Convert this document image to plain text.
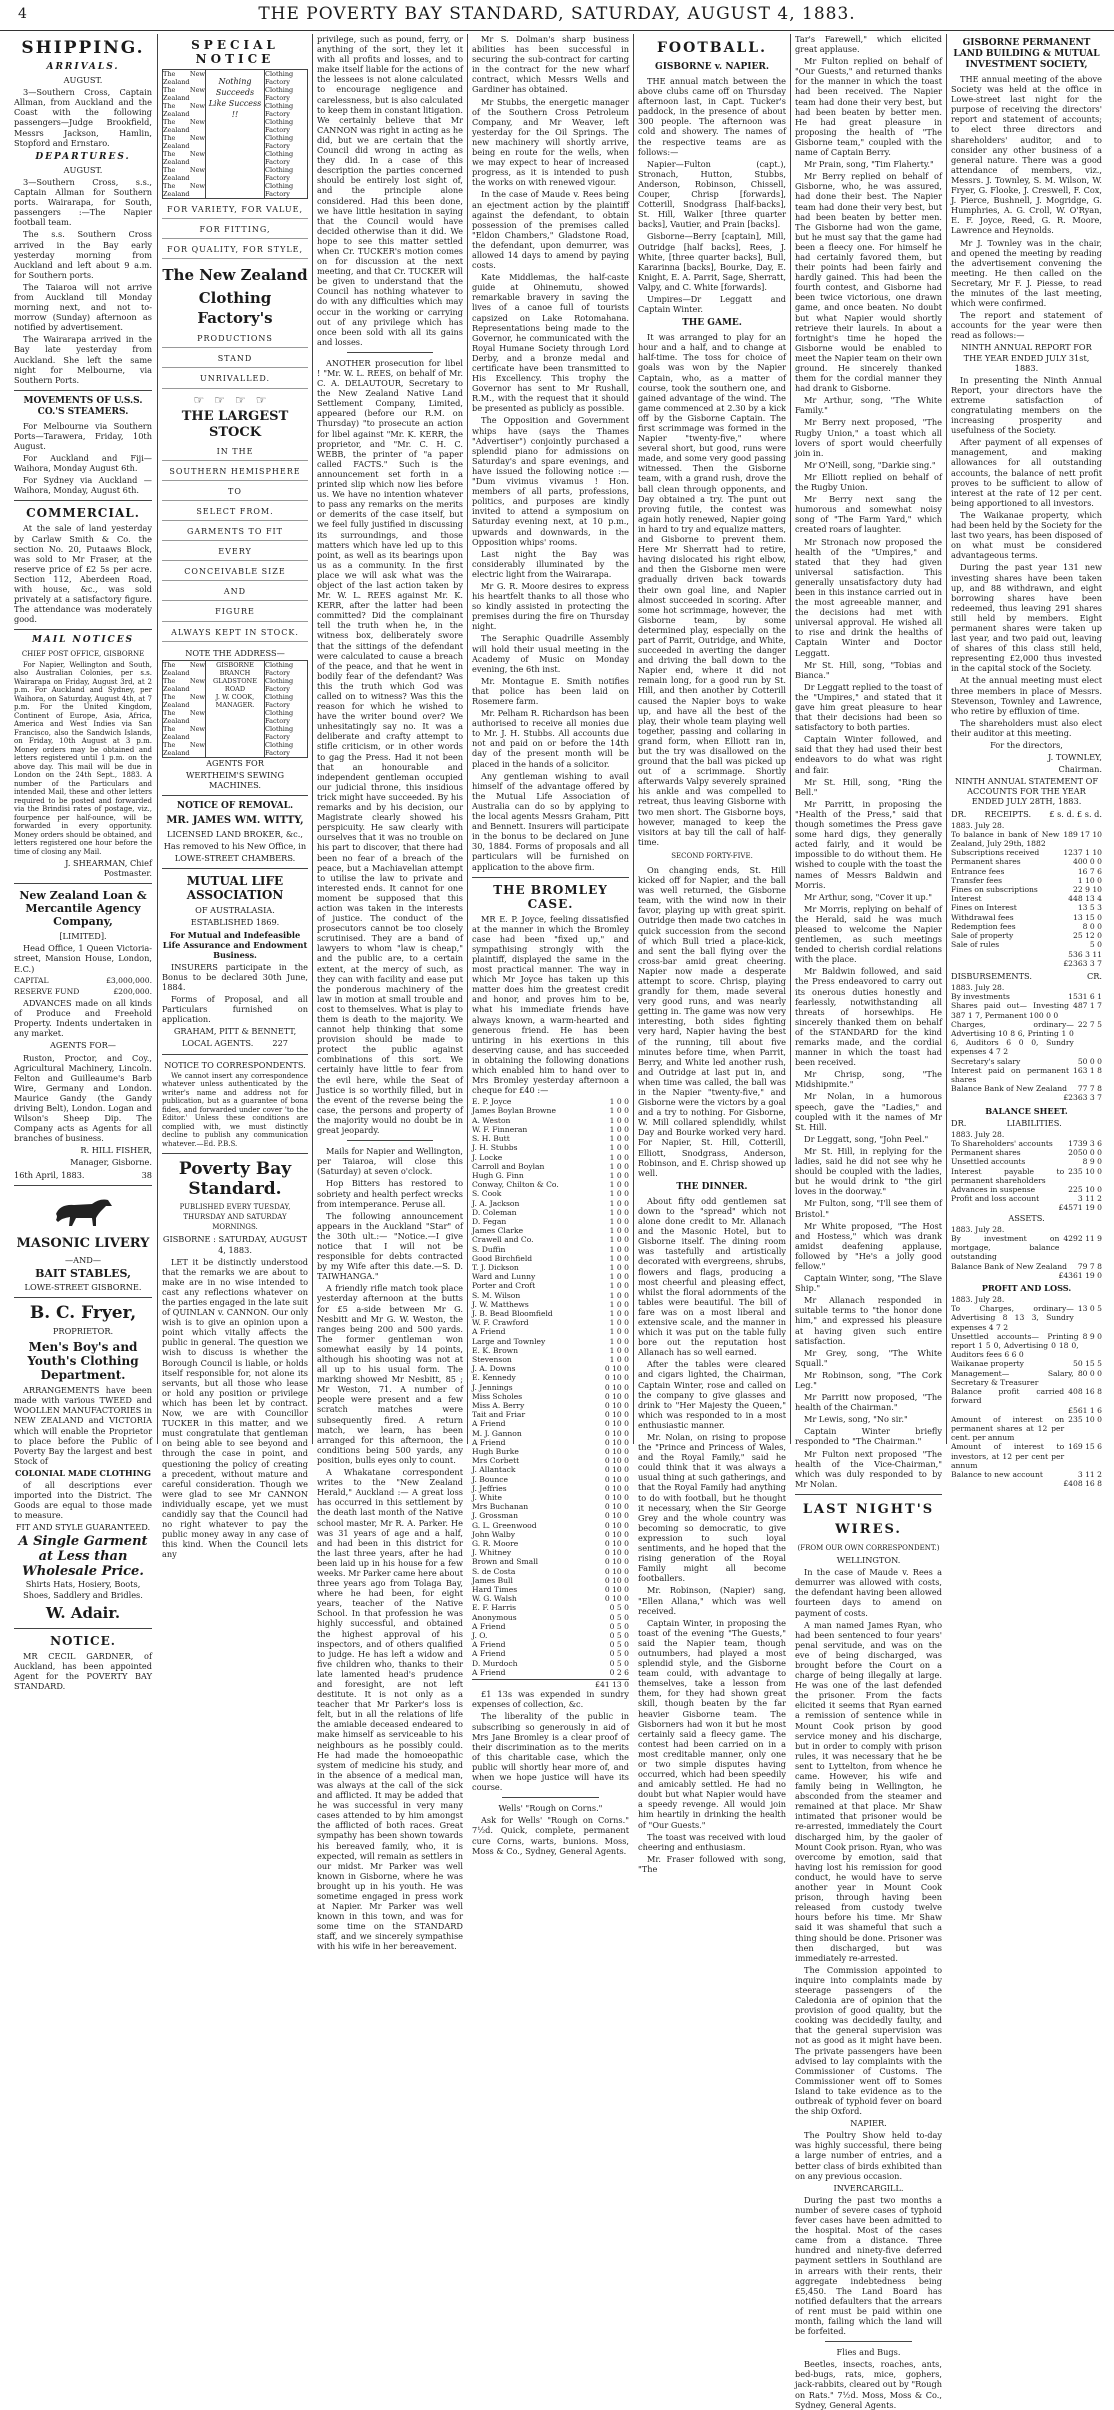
4	THE POVERTY BAY STANDARD, SATURDAY, AUGUST 4, 1883.
SHIPPING.
ARRIVALS.

AUGUST.

3—Southern Cross, Captain Allman, from Auckland and the Coast with the following passengers—Judge Brookfield, Messrs Jackson, Hamlin, Stopford and Ernstaro.

DEPARTURES.

AUGUST.

3—Southern Cross, s.s., Captain Allman for Southern ports. Wairarapa, for South, passengers :—The Napier football team.

The s.s. Southern Cross arrived in the Bay early yesterday morning from Auckland and left about 9 a.m. for Southern ports.

The Taiaroa will not arrive from Auckland till Monday morning next, and not to-morrow (Sunday) afternoon as notified by advertisement.

The Wairarapa arrived in the Bay late yesterday from Auckland. She left the same night for Melbourne, via Southern Ports.

MOVEMENTS OF U.S.S. CO.'S STEAMERS.

For Melbourne via Southern Ports—Tarawera, Friday, 10th August.

For Auckland and Fiji—Waihora, Monday August 6th.

For Sydney via Auckland — Waihora, Monday, August 6th.

COMMERCIAL.

At the sale of land yesterday by Carlaw Smith & Co. the section No. 20, Putaaws Block, was sold to Mr Fraser, at the reserve price of £2 5s per acre. Section 112, Aberdeen Road, with house, &c., was sold privately at a satisfactory figure. The attendance was moderately good.

MAIL NOTICES

CHIEF POST OFFICE, GISBORNE

For Napier, Wellington and South, also Australian Colonies, per s.s. Wairarapa on Friday, August 3rd, at 2 p.m. For Auckland and Sydney, per Waihora, on Saturday, August 4th, at 7 p.m. For the United Kingdom, Continent of Europe, Asia, Africa, America and West Indies via San Francisco, also the Sandwich Islands, on Friday, 10th August at 3 p.m. Money orders may be obtained and letters registered until 1 p.m. on the above day. This mail will be due in London on the 24th Sept., 1883. A number of the Particulars and intended Mail, these and other letters required to be posted and forwarded via the Brindisi rates of postage, viz., fourpence per half-ounce, will be forwarded in every opportunity. Money orders should be obtained, and letters registered one hour before the time of closing any Mail.

J. SHEARMAN, Chief Postmaster.

New Zealand Loan & Mercantile Agency Company,

[LIMITED].

Head Office, 1 Queen Victoria-street, Mansion House, London, E.C.)

CAPITAL	£3,000,000.

RESERVE FUND	£200,000.

ADVANCES made on all kinds of Produce and Freehold Property. Indents undertaken in any market.

AGENTS FOR—

Ruston, Proctor, and Coy., Agricultural Machinery, Lincoln. Felton and Guilleaume's Barb Wire, Germany and London. Maurice Gandy (the Gandy driving Belt), London. Logan and Wilson's Sheep Dip. The Company acts as Agents for all branches of business.

R. HILL FISHER,

Manager, Gisborne.

16th April, 1883.	38

MASONIC LIVERY

—AND—

BAIT STABLES,

LOWE-STREET GISBORNE.

B. C. Fryer,

PROPRIETOR.

Men's Boy's and Youth's Clothing Department.

ARRANGEMENTS have been made with various TWEED and WOOLLEN MANUFACTORIES in NEW ZEALAND and VICTORIA which will enable the Proprietor to place before the Public of Poverty Bay the largest and best Stock of

COLONIAL MADE CLOTHING

of all descriptions ever imported into the District. The Goods are equal to those made to measure.

FIT AND STYLE GUARANTEED.

A Single Garment at Less than Wholesale Price.

Shirts Hats, Hosiery, Boots, Shoes, Saddlery and Bridles.

W. Adair.
NOTICE.

MR CECIL GARDNER, of Auckland, has been appointed Agent for the POVERTY BAY STANDARD.

SPECIAL NOTICE
The New Zealand
The New Zealand
The New Zealand
The New Zealand
The New Zealand
The New Zealand
The New Zealand
The New Zealand
Nothing Succeeds Like Success !!
Clothing Factory
Clothing Factory
Clothing Factory
Clothing Factory
Clothing Factory
Clothing Factory
Clothing Factory
Clothing Factory
FOR VARIETY, FOR VALUE,
FOR FITTING,
FOR QUALITY, FOR STYLE,
The New Zealand
Clothing Factory's
PRODUCTIONS
STAND
UNRIVALLED.
☞☞☞☞
THE LARGEST STOCK
IN THE
SOUTHERN HEMISPHERE
TO
SELECT FROM.
GARMENTS TO FIT
EVERY
CONCEIVABLE SIZE
AND
FIGURE
ALWAYS KEPT IN STOCK.

NOTE THE ADDRESS—

The New Zealand
The New Zealand
The New Zealand
The New Zealand
The New Zealand
The New Zealand
GISBORNE
BRANCH
GLADSTONE
ROAD
J. W. COOK,
MANAGER.
Clothing Factory
Clothing Factory
Clothing Factory
Clothing Factory
Clothing Factory
Clothing Factory

AGENTS FOR

WERTHEIM'S SEWING MACHINES.

NOTICE OF REMOVAL.
MR. JAMES WM. WITTY,

LICENSED LAND BROKER, &c.,

Has removed to his New Office, in

LOWE-STREET CHAMBERS.

MUTUAL LIFE ASSOCIATION

OF AUSTRALASIA.

ESTABLISHED 1869.

For Mutual and Indefeasible Life Assurance and Endowment Business.

INSURERS participate in the Bonus to be declared 30th June, 1884.

Forms of Proposal, and all Particulars furnished on application.

GRAHAM, PITT & BENNETT,

LOCAL AGENTS. 227

NOTICE TO CORRESPONDENTS.

We cannot insert any correspondence whatever unless authenticated by the writer's name and address not for publication, but as a guarantee of bona fides, and forwarded under cover 'to the Editor.' Unless these conditions are complied with, we must distinctly decline to publish any communication whatever.—Ed. P.B.S.

Poverty Bay Standard.

PUBLISHED EVERY TUESDAY, THURSDAY AND SATURDAY MORNINGS.

GISBORNE : SATURDAY, AUGUST 4, 1883.

LET it be distinctly understood that the remarks we are about to make are in no wise intended to cast any reflections whatever on the parties engaged in the late suit of QUINLAN v. CANNON. Our only wish is to give an opinion upon a point which vitally affects the public in general. The question we wish to discuss is whether the Borough Council is liable, or holds itself responsible for, not alone its servants, but all those who lease or hold any position or privilege which has been let by contract. Now, we are with Councillor TUCKER in this matter, and we must congratulate that gentleman on being able to see beyond and through the case in point, and questioning the policy of creating a precedent, without mature and careful consideration. Though we were glad to see Mr CANNON individually escape, yet we must candidly say that the Council had no right whatever to pay the public money away in any case of this kind. When the Council lets any

privilege, such as pound, ferry, or anything of the sort, they let it with all profits and losses, and to make itself liable for the actions of the lessees is not alone calculated to encourage negligence and carelessness, but is also calculated to keep them in constant litigation. We certainly believe that Mr CANNON was right in acting as he did, but we are certain that the Council did wrong in acting as they did. In a case of this description the parties concerned should be entirely lost sight of, and the principle alone considered. Had this been done, we have little hesitation in saying that the Council would have decided otherwise than it did. We hope to see this matter settled when Cr. TUCKER's motion comes on for discussion at the next meeting, and that Cr. TUCKER will be given to understand that the Council has nothing whatever to do with any difficulties which may occur in the working or carrying out of any privilege which has once been sold with all its gains and losses.

ANOTHER prosecution for libel ! "Mr. W. L. REES, on behalf of Mr. C. A. DELAUTOUR, Secretary to the New Zealand Native Land Settlement Company, Limited, appeared (before our R.M. on Thursday) "to prosecute an action for libel against "Mr. K. KERR, the proprietor, and "Mr. C. H. C. WEBB, the printer of "a paper called FACTS." Such is the announcement set forth in a printed slip which now lies before us. We have no intention whatever to pass any remarks on the merits or demerits of the case itself, but we feel fully justified in discussing its surroundings, and those matters which have led up to this point, as well as its bearings upon us as a community. In the first place we will ask what was the object of the last action taken by Mr. W. L. REES against Mr. K. KERR, after the latter had been committed? Did the complainant tell the truth when he, in the witness box, deliberately swore that the sittings of the defendant were calculated to cause a breach of the peace, and that he went in bodily fear of the defendant? Was this the truth which God was called on to witness? Was this the reason for which he wished to have the writer bound over? We unhesitatingly say no. It was a deliberate and crafty attempt to stifle criticism, or in other words to gag the Press. Had it not been that an honourable and independent gentleman occupied our judicial throne, this insidious trick might have succeeded. By his remarks and by his decision, our Magistrate clearly showed his perspicuity. He saw clearly with ourselves that it was no trouble on his part to discover, that there had been no fear of a breach of the peace, but a Machiavelian attempt to utilise the law to private and interested ends. It cannot for one moment be supposed that this action was taken in the interests of justice. The conduct of the prosecutors cannot be too closely scrutinised. They are a band of lawyers to whom "law is cheap," and the public are, to a certain extent, at the mercy of such, as they can with facility and ease put the ponderous machinery of the law in motion at small trouble and cost to themselves. What is play to them is death to the majority. We cannot help thinking that some provision should be made to protect the public against combinations of this sort. We certainly have little to fear from the evil here, while the Seat of Justice is so worthily filled, but in the event of the reverse being the case, the persons and property of the majority would no doubt be in great jeopardy.

Mails for Napier and Wellington, per Taiaroa, will close this (Saturday) at seven o'clock.

Hop Bitters has restored to sobriety and health perfect wrecks from intemperance. Peruse all.

The following announcement appears in the Auckland "Star" of the 30th ult.:— "Notice.—I give notice that I will not be responsible for debts contracted by my Wife after this date.—S. D. TAIWHANGA."

A friendly rifle match took place yesterday afternoon at the butts for £5 a-side between Mr G. Nesbitt and Mr G. W. Weston, the ranges being 200 and 500 yards. The former gentleman won somewhat easily by 14 points, although his shooting was not at all up to his usual form. The marking showed Mr Nesbitt, 85 ; Mr Weston, 71. A number of people were present and a few scratch matches were subsequently fired. A return match, we learn, has been arranged for this afternoon, the conditions being 500 yards, any position, bulls eyes only to count.

A Whakatane correspondent writes to the "New Zealand Herald," Auckland :— A great loss has occurred in this settlement by the death last month of the Native school master, Mr R. A. Parker. He was 31 years of age and a half, and had been in this district for the last three years, after he had been laid up in his house for a few weeks. Mr Parker came here about three years ago from Tolaga Bay, where he had been, for eight years, teacher of the Native School. In that profession he was highly successful, and obtained the highest approval of his inspectors, and of others qualified to judge. He has left a widow and five children who, thanks to their late lamented head's prudence and foresight, are not left destitute. It is not only as a teacher that Mr Parker's loss is felt, but in all the relations of life the amiable deceased endeared to make himself as serviceable to his neighbours as he possibly could. He had made the homoeopathic system of medicine his study, and in the absence of a medical man, was always at the call of the sick and afflicted. It may be added that he was successful in very many cases attended to by him amongst the afflicted of both races. Great sympathy has been shown towards his bereaved family, who, it is expected, will remain as settlers in our midst. Mr Parker was well known in Gisborne, where he was brought up in his youth. He was sometime engaged in press work at Napier. Mr Parker was well known in this town, and was for some time on the STANDARD staff, and we sincerely sympathise with his wife in her bereavement.

Mr S. Dolman's sharp business abilities has been successful in securing the sub-contract for carting in the contract for the new wharf contract, which Messrs Wells and Gardiner has obtained.

Mr Stubbs, the energetic manager of the Southern Cross Petroleum Company, and Mr Weaver, left yesterday for the Oil Springs. The new machinery will shortly arrive, being en route for the wells, when we may expect to hear of increased progress, as it is intended to push the works on with renewed vigour.

In the case of Maude v. Rees being an ejectment action by the plaintiff against the defendant, to obtain possession of the premises called "Eldon Chambers," Gladstone Road, the defendant, upon demurrer, was allowed 14 days to amend by paying costs.

Kate Middlemas, the half-caste guide at Ohinemutu, showed remarkable bravery in saving the lives of a canoe full of tourists capsized on Lake Rotomahana. Representations being made to the Governor, he communicated with the Royal Humane Society through Lord Derby, and a bronze medal and certificate have been transmitted to His Excellency. This trophy the Governor has sent to Mr Rushall, R.M., with the request that it should be presented as publicly as possible.

The Opposition and Government whips have (says the Thames "Advertiser") conjointly purchased a splendid piano for admissions on Saturday's and spare evenings, and have issued the following notice :— "Dum vivimus vivamus ! Hon. members of all parts, professions, politics, and purposes are kindly invited to attend a symposium on Saturday evening next, at 10 p.m., upwards and downwards, in the Opposition whips' rooms.

Last night the Bay was considerably illuminated by the electric light from the Wairarapa.

Mr G. R. Moore desires to express his heartfelt thanks to all those who so kindly assisted in protecting the premises during the fire on Thursday night.

The Seraphic Quadrille Assembly will hold their usual meeting in the Academy of Music on Monday evening, the 6th inst.

Mr. Montague E. Smith notifies that police has been laid on Rosemere farm.

Mr. Pelham R. Richardson has been authorised to receive all monies due to Mr. J. H. Stubbs. All accounts due not and paid on or before the 14th day of the present month will be placed in the hands of a solicitor.

Any gentleman wishing to avail himself of the advantage offered by the Mutual Life Association of Australia can do so by applying to the local agents Messrs Graham, Pitt and Bennett. Insurers will participate in the bonus to be declared on June 30, 1884. Forms of proposals and all particulars will be furnished on application to the above firm.

THE BROMLEY CASE.

MR E. P. Joyce, feeling dissatisfied at the manner in which the Bromley case had been "fixed up," and sympathising strongly with the plaintiff, displayed the same in the most practical manner. The way in which Mr Joyce has taken up this matter does him the greatest credit and honor, and proves him to be, what his immediate friends have always known, a warm-hearted and generous friend. He has been untiring in his exertions in this deserving cause, and has succeeded in obtaining the following donations which enabled him to hand over to Mrs Bromley yesterday afternoon a cheque for £40 :—

E. P. Joyce	1 0 0
James Boylan Browne	1 0 0
A. Weston	1 0 0
W. F. Finneran	1 0 0
S. H. Butt	1 0 0
J. H. Stubbs	1 0 0
J. Locke	1 0 0
Carroll and Boylan	1 0 0
Hugh G. Finn	1 0 0
Conway, Chilton & Co.	1 0 0
S. Cook	1 0 0
J. A. Jackson	1 0 0
D. Coleman	1 0 0
D. Fegan	1 0 0
James Clarke	1 0 0
Crawell and Co.	1 0 0
S. Duffin	1 0 0
Good Birchfield	1 0 0
T. J. Dickson	1 0 0
Ward and Lunny	1 0 0
Porter and Croft	1 0 0
S. M. Wilson	1 0 0
J. W. Matthews	1 0 0
J. B. Bead Bloomfield	1 0 0
W. F. Crawford	1 0 0
A Friend	1 0 0
Large and Townley	1 0 0
E. K. Brown	1 0 0
Stevenson	1 0 0
J. A. Downs	0 10 0
E. Kennedy	0 10 0
J. Jennings	0 10 0
Miss Scholes	0 10 0
Miss A. Berry	0 10 0
Tait and Friar	0 10 0
A Friend	0 10 0
M. J. Gannon	0 10 0
A Friend	0 10 0
Hugh Burke	0 10 0
Mrs Corbett	0 10 0
J. Allantack	0 10 0
J. Bounce	0 10 0
J. Jeffries	0 10 0
J. White	0 10 0
Mrs Buchanan	0 10 0
J. Grossman	0 10 0
G. L. Greenwood	0 10 0
John Walby	0 10 0
G. R. Moore	0 10 0
J. Whitney	0 10 0
Brown and Small	0 10 0
S. de Costa	0 10 0
James Bull	0 10 0
Hard Times	0 10 0
W. G. Walsh	0 10 0
E. F. Harris	0 5 0
Anonymous	0 5 0
A Friend	0 5 0
J. O.	0 5 0
A Friend	0 5 0
A Friend	0 5 0
D. Murdoch	0 5 0
A Friend	0 2 6
£41 13 0

£1 13s was expended in sundry expenses of collection, &c.

The liberality of the public in subscribing so generously in aid of Mrs Jane Bromley is a clear proof of their discrimination as to the merits of this charitable case, which the public will shortly hear more of, and when we hope justice will have its course.

Wells' "Rough on Corns."

Ask for Wells' "Rough on Corns." 7½d. Quick, complete, permanent cure Corns, warts, bunions. Moss, Moss & Co., Sydney, General Agents.

FOOTBALL.
GISBORNE v. NAPIER.

THE annual match between the above clubs came off on Thursday afternoon last, in Capt. Tucker's paddock, in the presence of about 300 people. The afternoon was cold and showery. The names of the respective teams are as follows:—

Napier—Fulton (capt.), Stronach, Hutton, Stubbs, Anderson, Robinson, Chissell, Couper, Chrisp [forwards], Cotterill, Snodgrass [half-backs], St. Hill, Walker [three quarter backs], Vautier, and Prain [backs].

Gisborne—Berry [captain], Mill, Outridge [half backs], Rees, J. White, [three quarter backs], Bull, Kararinna [backs], Bourke, Day, E. Knight, E. A. Parrit, Sage, Sherratt, Valpy, and C. White [forwards].

Umpires—Dr Leggatt and Captain Winter.

THE GAME.

It was arranged to play for an hour and a half, and to change at half-time. The toss for choice of goals was won by the Napier Captain, who, as a matter of course, took the southern one, and gained advantage of the wind. The game commenced at 2.30 by a kick off by the Gisborne Captain. The first scrimmage was formed in the Napier "twenty-five," where several short, but good, runs were made, and some very good passing witnessed. Then the Gisborne team, with a grand rush, drove the ball clean through opponents, and Day obtained a try. The punt out proving futile, the contest was again hotly renewed, Napier going in hard to try and equalize matters, and Gisborne to prevent them. Here Mr Sherratt had to retire, having dislocated his right elbow, and then the Gisborne men were gradually driven back towards their own goal line, and Napier almost succeeded in scoring. After some hot scrimmage, however, the Gisborne team, by some determined play, especially on the part of Parrit, Outridge, and White, succeeded in averting the danger and driving the ball down to the Napier end, where it did not remain long, for a good run by St. Hill, and then another by Cotterill caused the Napier boys to wake up, and have all the best of the play, their whole team playing well together, passing and collaring in grand form, when Elliott ran in, but the try was disallowed on the ground that the ball was picked up out of a scrimmage. Shortly afterwards Valpy severely sprained his ankle and was compelled to retreat, thus leaving Gisborne with two men short. The Gisborne boys, however, managed to keep the visitors at bay till the call of half-time.

SECOND FORTY-FIVE.

On changing ends, St. Hill kicked off for Napier, and the ball was well returned, the Gisborne team, with the wind now in their favor, playing up with great spirit. Outridge then made two catches in quick succession from the second of which Bull tried a place-kick, and sent the ball flying over the cross-bar amid great cheering. Napier now made a desperate attempt to score. Chrisp, playing grandly for them, made several very good runs, and was nearly getting in. The game was now very interesting, both sides fighting very hard, Napier having the best of the running, till about five minutes before time, when Parrit, Berry, and White led another rush, and Outridge at last put in, and when time was called, the ball was in the Napier "twenty-five," and Gisborne were the victors by a goal and a try to nothing. For Gisborne, W. Mill collared splendidly, whilst Day and Bourke worked very hard. For Napier, St. Hill, Cotterill, Elliott, Snodgrass, Anderson, Robinson, and E. Chrisp showed up well.

THE DINNER.

About fifty odd gentlemen sat down to the "spread" which not alone done credit to Mr. Allanach and the Masonic Hotel, but to Gisborne itself. The dining room was tastefully and artistically decorated with evergreens, shrubs, flowers and flags, producing a most cheerful and pleasing effect, whilst the floral adornments of the tables were beautiful. The bill of fare was on a most liberal and extensive scale, and the manner in which it was put on the table fully bore out the reputation host Allanach has so well earned.

After the tables were cleared and cigars lighted, the Chairman, Captain Winter, rose and called on the company to give glasses and drink to "Her Majesty the Queen," which was responded to in a most enthusiastic manner.

Mr. Nolan, on rising to propose the "Prince and Princess of Wales, and the Royal Family," said he could think that it was always a usual thing at such gatherings, and that the Royal Family had anything to do with football, but he thought it necessary, when the Sir George Grey and the whole country was becoming so democratic, to give expression to such loyal sentiments, and he hoped that the rising generation of the Royal Family might all become footballers.

Mr. Robinson, (Napier) sang, "Ellen Allana," which was well received.

Captain Winter, in proposing the toast of the evening "The Guests," said the Napier team, though outnumbers, had played a most splendid style, and the Gisborne team could, with advantage to themselves, take a lesson from them, for they had shown great skill, though beaten by the far heavier Gisborne team. The Gisborners had won it but he most certainly said a fleecy game. The contest had been carried on in a most creditable manner, only one or two simple disputes having occurred, which had been speedily and amicably settled. He had no doubt but what Napier would have a speedy revenge. All would join him heartily in drinking the health of "Our Guests."

The toast was received with loud cheering and enthusiasm.

Mr. Fraser followed with song, "The

Tar's Farewell," which elicited great applause.

Mr Fulton replied on behalf of "Our Guests," and returned thanks for the manner in which the toast had been received. The Napier team had done their very best, but had been beaten by better men. He had great pleasure in proposing the health of "The Gisborne team," coupled with the name of Captain Berry.

Mr Prain, song, "Tim Flaherty."

Mr Berry replied on behalf of Gisborne, who, he was assured, had done their best. The Napier team had done their very best, but had been beaten by better men. The Gisborne had won the game, but he must say that the game had been a fleecy one. For himself he had certainly favored them, but their points had been fairly and hardly gained. This had been the fourth contest, and Gisborne had been twice victorious, one drawn game, and once beaten. No doubt but what Napier would shortly retrieve their laurels. In about a fortnight's time he hoped the Gisborne would be enabled to meet the Napier team on their own ground. He sincerely thanked them for the cordial manner they had drank to Gisborne.

Mr Arthur, song, "The White Family."

Mr Berry next proposed, "The Rugby Union," a toast which all lovers of sport would cheerfully join in.

Mr O'Neill, song, "Darkie sing."

Mr Elliott replied on behalf of the Rugby Union.

Mr Berry next sang the humorous and somewhat noisy song of "The Farm Yard," which created roars of laughter.

Mr Stronach now proposed the health of the "Umpires," and stated that they had given universal satisfaction. This generally unsatisfactory duty had been in this instance carried out in the most agreeable manner, and the decisions had met with universal approval. He wished all to rise and drink the healths of Captain Winter and Doctor Leggatt.

Mr St. Hill, song, "Tobias and Bianca."

Dr Leggatt replied to the toast of the "Umpires," and stated that it gave him great pleasure to hear that their decisions had been so satisfactory to both parties.

Captain Winter followed, and said that they had used their best endeavors to do what was right and fair.

Mr St. Hill, song, "Ring the Bell."

Mr Parritt, in proposing the "Health of the Press," said that though sometimes the Press gave some hard digs, they generally acted fairly, and it would be impossible to do without them. He wished to couple with the toast the names of Messrs Baldwin and Morris.

Mr Arthur, song, "Cover it up."

Mr Morris, replying on behalf of the Herald, said he was much pleased to welcome the Napier gentlemen, as such meetings tended to cherish cordial relations with the place.

Mr Baldwin followed, and said the Press endeavored to carry out its onerous duties honestly and fearlessly, notwithstanding all threats of horsewhips. He sincerely thanked them on behalf of the STANDARD for the kind remarks made, and the cordial manner in which the toast had been received.

Mr Chrisp, song, "The Midshipmite."

Mr Nolan, in a humorous speech, gave the "Ladies," and coupled with it the names of Mr St. Hill.

Dr Leggatt, song, "John Peel."

Mr St. Hill, in replying for the ladies, said he did not see why he should be coupled with the ladies, but he would drink to "the girl loves in the doorway."

Mr Fulton, song, "I'll see them of Bristol."

Mr White proposed, "The Host and Hostess," which was drank amidst deafening applause, followed by "He's a jolly good fellow."

Captain Winter, song, "The Slave Ship."

Mr Allanach responded in suitable terms to "the honor done him," and expressed his pleasure at having given such entire satisfaction.

Mr Grey, song, "The White Squall."

Mr Robinson, song, "The Cork Leg."

Mr Parritt now proposed, "The health of the Chairman."

Mr Lewis, song, "No sir."

Captain Winter briefly responded to "The Chairman."

Mr Fulton next proposed "The health of the Vice-Chairman," which was duly responded to by Mr Nolan.

LAST NIGHT'S WIRES.

(FROM OUR OWN CORRESPONDENT.)

WELLINGTON.

In the case of Maude v. Rees a demurrer was allowed with costs, the defendant having been allowed fourteen days to amend on payment of costs.

A man named James Ryan, who had been sentenced to four years' penal servitude, and was on the eve of being discharged, was brought before the Court on a charge of being illegally at large. He was one of the last defended the prisoner. From the facts elicited it seems that Ryan earned a remission of sentence while in Mount Cook prison by good service money and his discharge, but in order to comply with prison rules, it was necessary that he be sent to Lyttelton, from whence he came. However, his wife and family being in Wellington, he absconded from the steamer and remained at that place. Mr Shaw intimated that prisoner would be re-arrested, immediately the Court discharged him, by the gaoler of Mount Cook prison. Ryan, who was overcome by emotion, said that having lost his remission for good conduct, he would have to serve another year in Mount Cook prison, through having been released from custody twelve hours before his time. Mr Shaw said it was shameful that such a thing should be done. Prisoner was then discharged, but was immediately re-arrested.

The Commission appointed to inquire into complaints made by steerage passengers of the Caledonia are of opinion that the provision of good quality, but the cooking was decidedly faulty, and that the general supervision was not as good as it might have been. The private passengers have been advised to lay complaints with the Commissioner of Customs. The Commissioner went off to Somes Island to take evidence as to the outbreak of typhoid fever on board the ship Oxford.

NAPIER.

The Poultry Show held to-day was highly successful, there being a large number of entries, and a better class of birds exhibited than on any previous occasion.

INVERCARGILL.

During the past two months a number of severe cases of typhoid fever cases have been admitted to the hospital. Most of the cases came from a distance. Three hundred and ninety-five deferred payment settlers in Southland are in arrears with their rents, their aggregate indebtedness being £5,450. The Land Board has notified defaulters that the arrears of rent must be paid within one month, failing which the land will be forfeited.

Flies and Bugs.

Beetles, insects, roaches, ants, bed-bugs, rats, mice, gophers, jack-rabbits, cleared out by "Rough on Rats." 7½d. Moss, Moss & Co., Sydney, General Agents.

GISBORNE PERMANENT LAND BUILDING & MUTUAL INVESTMENT SOCIETY,

THE annual meeting of the above Society was held at the office in Lowe-street last night for the purpose of receiving the directors' report and statement of accounts; to elect three directors and shareholders' auditor, and to consider any other business of a general nature. There was a good attendance of members, viz., Messrs. J. Townley, S. M. Wilson, W. Fryer, G. Flooke, J. Creswell, F. Cox, J. Pierce, Bushnell, J. Mogridge, G. Humphries, A. G. Croll, W. O'Ryan, E. F. Joyce, Reed, G. R. Moore, Lawrence and Heynolds.

Mr J. Townley was in the chair, and opened the meeting by reading the advertisement convening the meeting. He then called on the Secretary, Mr F. J. Piesse, to read the minutes of the last meeting, which were confirmed.

The report and statement of accounts for the year were then read as follows:—

NINTH ANNUAL REPORT FOR THE YEAR ENDED JULY 31st, 1883.

In presenting the Ninth Annual Report, your directors have the extreme satisfaction of congratulating members on the increasing prosperity and usefulness of the Society.

After payment of all expenses of management, and making allowances for all outstanding accounts, the balance of nett profit proves to be sufficient to allow of interest at the rate of 12 per cent. being apportioned to all investors.

The Waikanae property, which had been held by the Society for the last two years, has been disposed of on what must be considered advantageous terms.

During the past year 131 new investing shares have been taken up, and 88 withdrawn, and eight borrowing shares have been redeemed, thus leaving 291 shares still held by members. Eight permanent shares were taken up last year, and two paid out, leaving of shares of this class still held, representing £2,000 thus invested in the capital stock of the Society.

At the annual meeting must elect three members in place of Messrs. Stevenson, Townley and Lawrence, who retire by effluxion of time.

The shareholders must also elect their auditor at this meeting.

For the directors,

J. TOWNLEY,

Chairman.

NINTH ANNUAL STATEMENT OF ACCOUNTS FOR THE YEAR ENDED JULY 28TH, 1883.

DR. RECEIPTS. £ s. d. £ s. d.

1883. July 28.
To balance in bank of New Zealand, July 29th, 1882
189 17 10
Subscriptions received	1237 1 10
Permanent shares	400 0 0
Entrance fees	16 7 6
Transfer fees	1 10 0
Fines on subscriptions	22 9 10
Interest	448 13 4
Fines on Interest	13 5 3
Withdrawal fees	13 15 0
Redemption fees	8 0 0
Sale of property	25 12 0
Sale of rules	5 0
536 3 11
£2363 3 7

DISBURSEMENTS.	CR.

1883. July 28.
By investments	1531 6 1
Shares paid out— Investing 387 1 7, Permanent 100 0 0
487 1 7
Charges, ordinary— Advertising 10 8 6, Printing 1 0 6, Auditors 6 0 0, Sundry expenses 4 7 2
22 7 5
Secretary's salary	50 0 0
Interest paid on permanent shares
163 1 8
Balance Bank of New Zealand 77 7 8
£2363 3 7

BALANCE SHEET.

DR.	LIABILITIES.

1883. July 28.
To Shareholders' accounts 1739 3 6
Permanent shares	2050 0 0
Unsettled accounts	8 9 0
Interest payable to permanent shareholders
235 10 0
Advances in suspense	225 10 0
Profit and loss account	3 11 2
£4571 19 0

ASSETS.

1883. July 28.
By investment on mortgage, balance outstanding
4292 11 9
Balance Bank of New Zealand 79 7 8
£4361 19 0

PROFIT AND LOSS.

1883. July 28.
To Charges, ordinary— Advertising 8 13 3, Sundry expenses 4 7 2
13 0 5
Unsettled accounts— Printing report 1 5 0, Advertising 0 18 0, Auditors fees 6 6 0
8 9 0
Waikanae property	50 15 5
Management— Salary, Secretary & Treasurer
80 0 0
Balance profit carried forward
408 16 8
£561 1 6
Amount of interest on permanent shares at 12 per cent. per annum
235 10 0
Amount of interest to investors, at 12 per cent per annum
169 15 6
Balance to new account	3 11 2
£408 16 8
